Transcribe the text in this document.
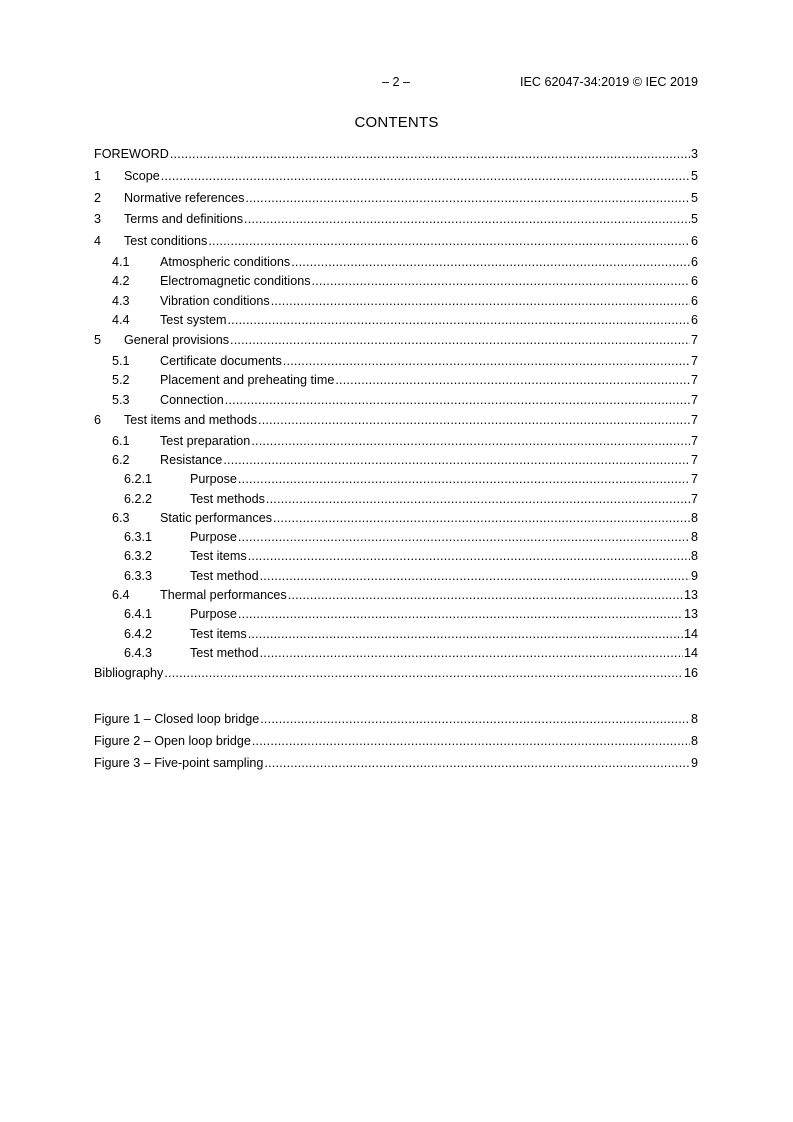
– 2 –	IEC 62047-34:2019 © IEC 2019
CONTENTS
FOREWORD .....	3
1	Scope .....	5
2	Normative references .....	5
3	Terms and definitions .....	5
4	Test conditions .....	6
4.1	Atmospheric conditions .....	6
4.2	Electromagnetic conditions .....	6
4.3	Vibration conditions .....	6
4.4	Test system .....	6
5	General provisions .....	7
5.1	Certificate documents .....	7
5.2	Placement and preheating time .....	7
5.3	Connection .....	7
6	Test items and methods .....	7
6.1	Test preparation .....	7
6.2	Resistance .....	7
6.2.1	Purpose .....	7
6.2.2	Test methods .....	7
6.3	Static performances .....	8
6.3.1	Purpose .....	8
6.3.2	Test items .....	8
6.3.3	Test method .....	9
6.4	Thermal performances .....	13
6.4.1	Purpose .....	13
6.4.2	Test items .....	14
6.4.3	Test method .....	14
Bibliography .....	16
Figure 1 – Closed loop bridge .....	8
Figure 2 – Open loop bridge .....	8
Figure 3 – Five-point sampling .....	9
